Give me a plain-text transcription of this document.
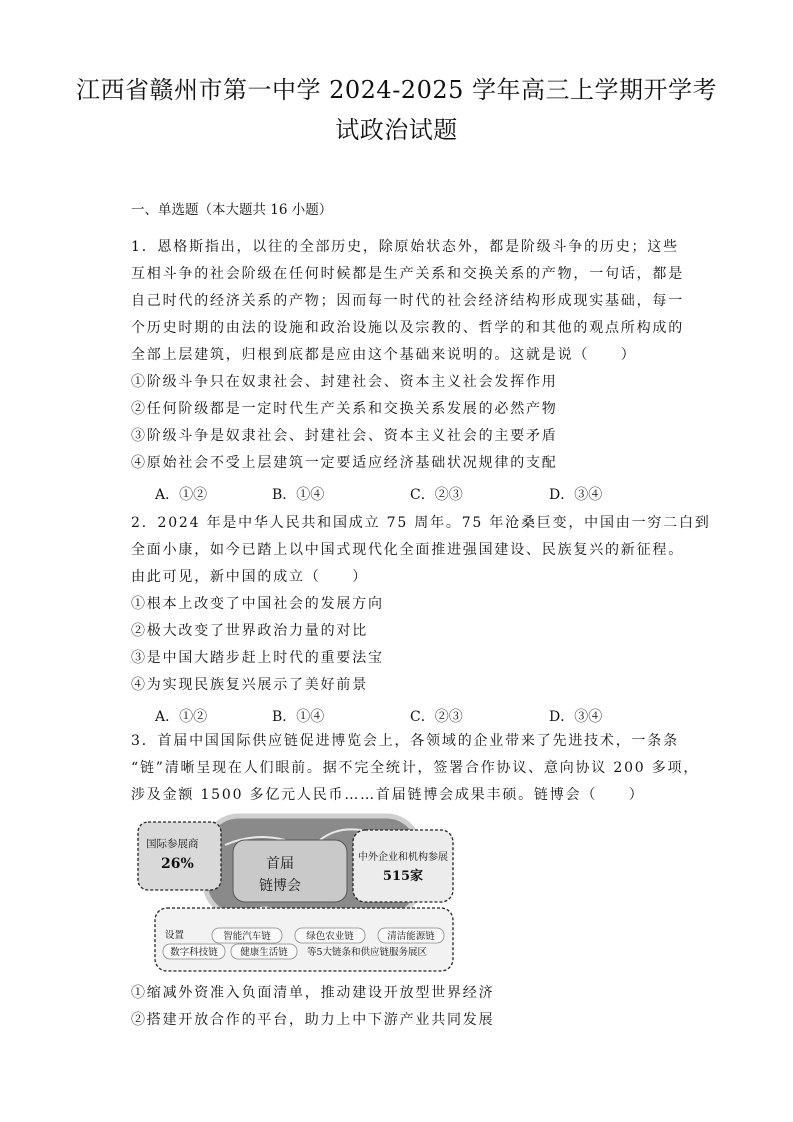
江西省赣州市第一中学 2024-2025 学年高三上学期开学考
试政治试题
一、单选题（本大题共 16 小题）
1．恩格斯指出，以往的全部历史，除原始状态外，都是阶级斗争的历史；这些
互相斗争的社会阶级在任何时候都是生产关系和交换关系的产物，一句话，都是
自己时代的经济关系的产物；因而每一时代的社会经济结构形成现实基础，每一
个历史时期的由法的设施和政治设施以及宗教的、哲学的和其他的观点所构成的
全部上层建筑，归根到底都是应由这个基础来说明的。这就是说（　　）
①阶级斗争只在奴隶社会、封建社会、资本主义社会发挥作用
②任何阶级都是一定时代生产关系和交换关系发展的必然产物
③阶级斗争是奴隶社会、封建社会、资本主义社会的主要矛盾
④原始社会不受上层建筑一定要适应经济基础状况规律的支配
A．①②	B．①④	C．②③	D．③④
2．2024 年是中华人民共和国成立 75 周年。75 年沧桑巨变，中国由一穷二白到
全面小康，如今已踏上以中国式现代化全面推进强国建设、民族复兴的新征程。
由此可见，新中国的成立（　　）
①根本上改变了中国社会的发展方向
②极大改变了世界政治力量的对比
③是中国大踏步赶上时代的重要法宝
④为实现民族复兴展示了美好前景
A．①②	B．①④	C．②③	D．③④
3．首届中国国际供应链促进博览会上，各领域的企业带来了先进技术，一条条
“链”清晰呈现在人们眼前。据不完全统计，签署合作协议、意向协议 200 多项，
涉及金额 1500 多亿元人民币……首届链博会成果丰硕。链博会（　　）
国际参展商
26%	首届
链博会
中外企业和机构参展
515家
设置	智能汽车链	绿色农业链	清洁能源链
数字科技链 健康生活链 等5大链条和供应链服务展区
①缩减外资准入负面清单，推动建设开放型世界经济
②搭建开放合作的平台，助力上中下游产业共同发展
